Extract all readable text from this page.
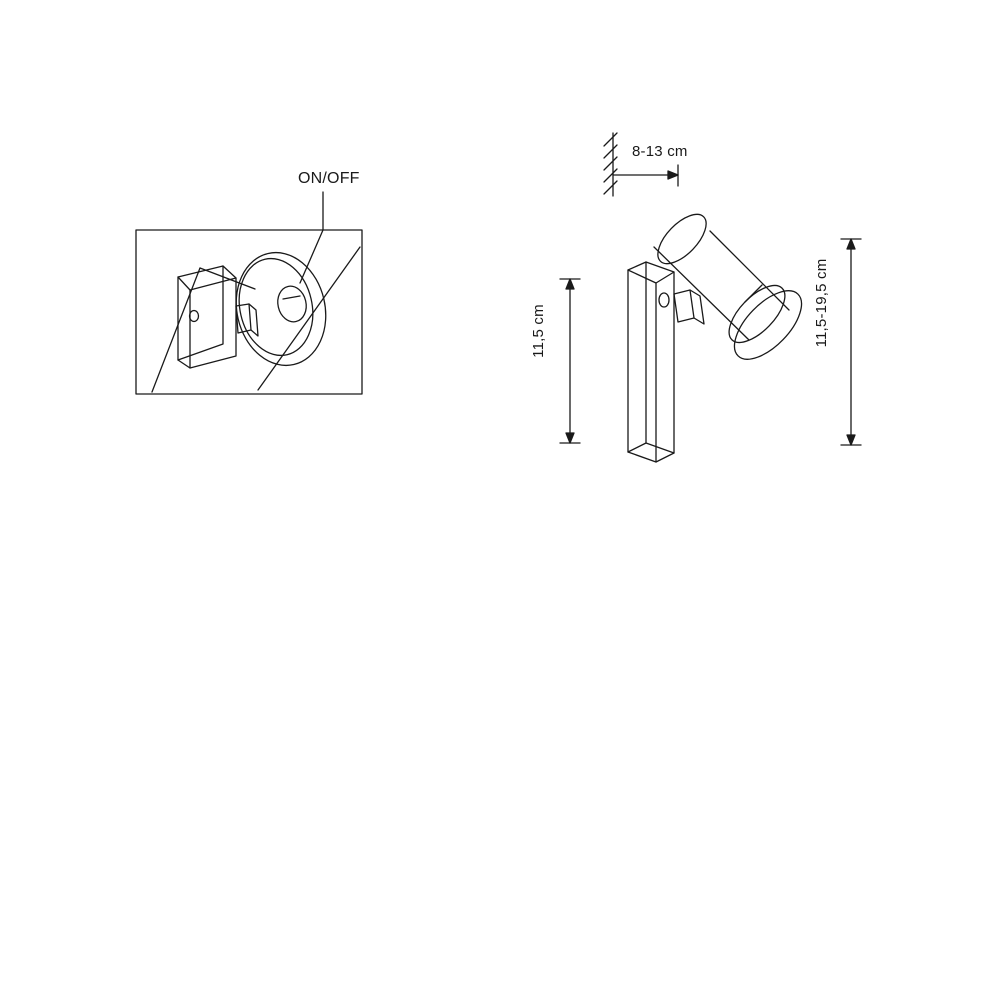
ON/OFF
8-13 cm
11,5 cm	11,5-19,5 cm
